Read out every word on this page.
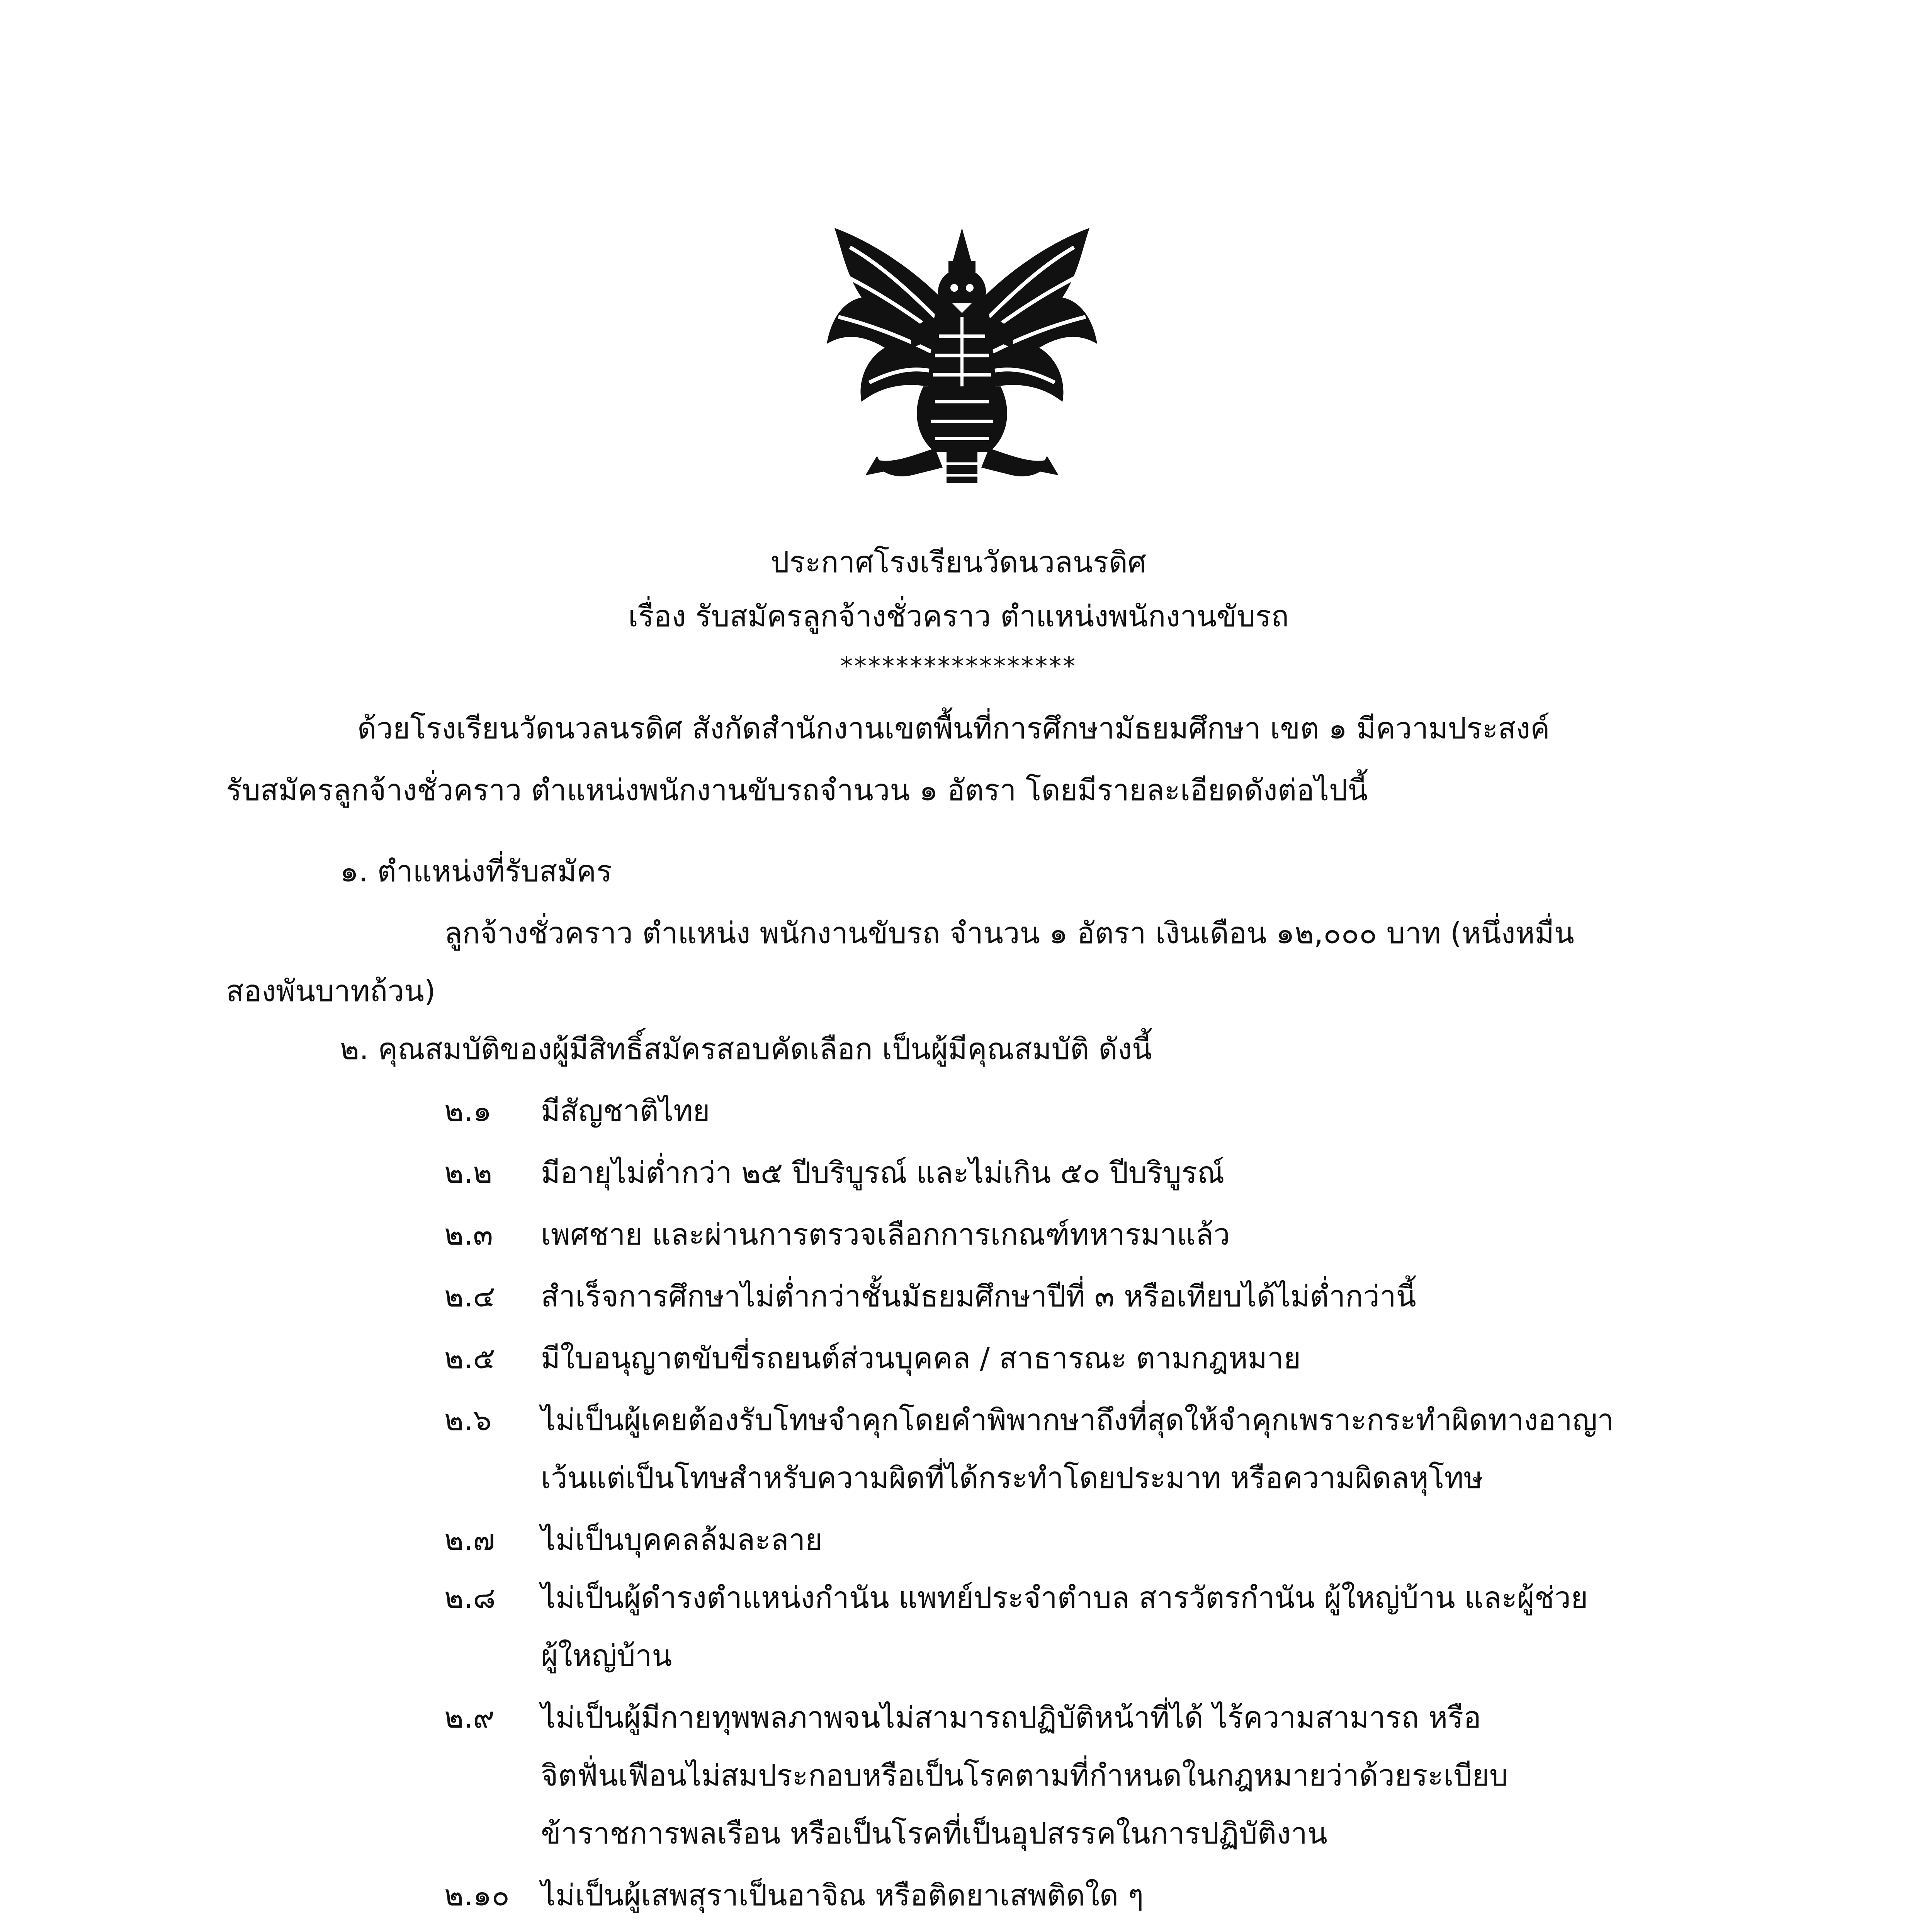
ประกาศโรงเรียนวัดนวลนรดิศ
เรื่อง รับสมัครลูกจ้างชั่วคราว ตำแหน่งพนักงานขับรถ
*****************
ด้วยโรงเรียนวัดนวลนรดิศ สังกัดสำนักงานเขตพื้นที่การศึกษามัธยมศึกษา เขต ๑ มีความประสงค์
รับสมัครลูกจ้างชั่วคราว ตำแหน่งพนักงานขับรถจำนวน ๑ อัตรา โดยมีรายละเอียดดังต่อไปนี้
๑. ตำแหน่งที่รับสมัคร
ลูกจ้างชั่วคราว ตำแหน่ง พนักงานขับรถ จำนวน ๑ อัตรา เงินเดือน ๑๒,๐๐๐ บาท (หนึ่งหมื่น
สองพันบาทถ้วน)
๒. คุณสมบัติของผู้มีสิทธิ์สมัครสอบคัดเลือก เป็นผู้มีคุณสมบัติ ดังนี้
๒.๑ มีสัญชาติไทย
๒.๒ มีอายุไม่ต่ำกว่า ๒๕ ปีบริบูรณ์ และไม่เกิน ๕๐ ปีบริบูรณ์
๒.๓ เพศชาย และผ่านการตรวจเลือกการเกณฑ์ทหารมาแล้ว
๒.๔ สำเร็จการศึกษาไม่ต่ำกว่าชั้นมัธยมศึกษาปีที่ ๓ หรือเทียบได้ไม่ต่ำกว่านี้
๒.๕ มีใบอนุญาตขับขี่รถยนต์ส่วนบุคคล / สาธารณะ ตามกฎหมาย
๒.๖ ไม่เป็นผู้เคยต้องรับโทษจำคุกโดยคำพิพากษาถึงที่สุดให้จำคุกเพราะกระทำผิดทางอาญา
เว้นแต่เป็นโทษสำหรับความผิดที่ได้กระทำโดยประมาท หรือความผิดลหุโทษ
๒.๗ ไม่เป็นบุคคลล้มละลาย
๒.๘ ไม่เป็นผู้ดำรงตำแหน่งกำนัน แพทย์ประจำตำบล สารวัตรกำนัน ผู้ใหญ่บ้าน และผู้ช่วย
ผู้ใหญ่บ้าน
๒.๙ ไม่เป็นผู้มีกายทุพพลภาพจนไม่สามารถปฏิบัติหน้าที่ได้ ไร้ความสามารถ หรือ
จิตฟั่นเฟือนไม่สมประกอบหรือเป็นโรคตามที่กำหนดในกฎหมายว่าด้วยระเบียบ
ข้าราชการพลเรือน หรือเป็นโรคที่เป็นอุปสรรคในการปฏิบัติงาน
๒.๑๐ ไม่เป็นผู้เสพสุราเป็นอาจิณ หรือติดยาเสพติดใด ๆ
